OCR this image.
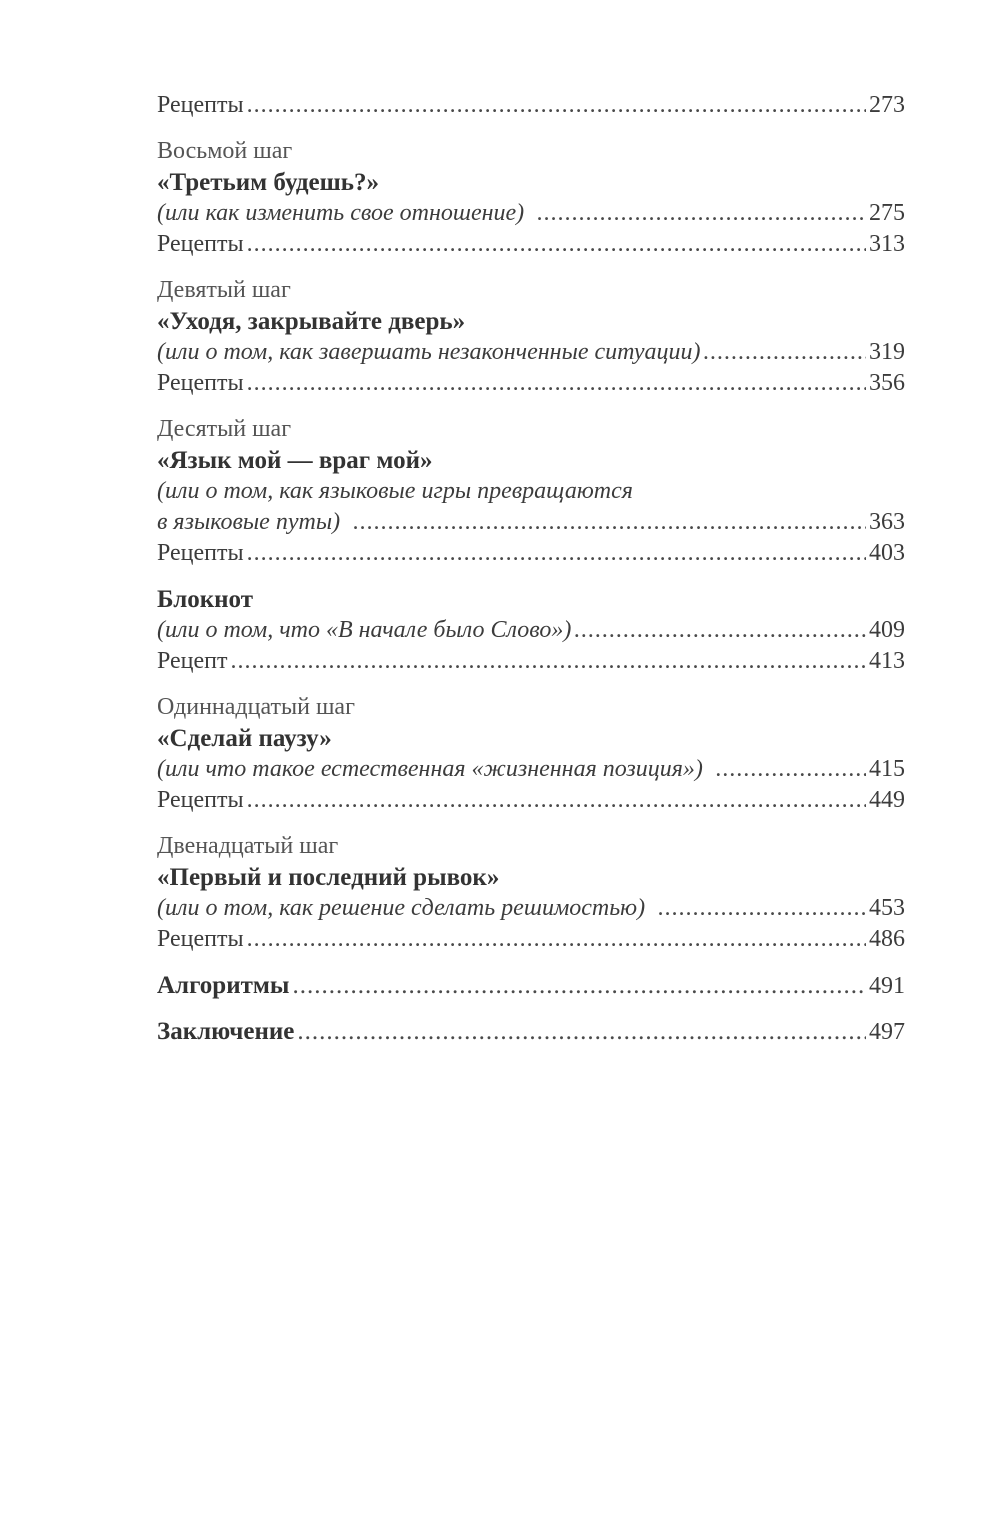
Рецепты .....	273
Восьмой шаг
«Третьим будешь?»
(или как изменить свое отношение) .....	275
Рецепты .....	313
Девятый шаг
«Уходя, закрывайте дверь»
(или о том, как завершать незаконченные ситуации) .....	319
Рецепты .....	356
Десятый шаг
«Язык мой — враг мой»
(или о том, как языковые игры превращаются
в языковые путы) .....	363
Рецепты .....	403
Блокнот
(или о том, что «В начале было Слово») .....	409
Рецепт .....	413
Одиннадцатый шаг
«Сделай паузу»
(или что такое естественная «жизненная позиция») .....	415
Рецепты .....	449
Двенадцатый шаг
«Первый и последний рывок»
(или о том, как решение сделать решимостью) .....	453
Рецепты .....	486
Алгоритмы .....	491
Заключение .....	497
